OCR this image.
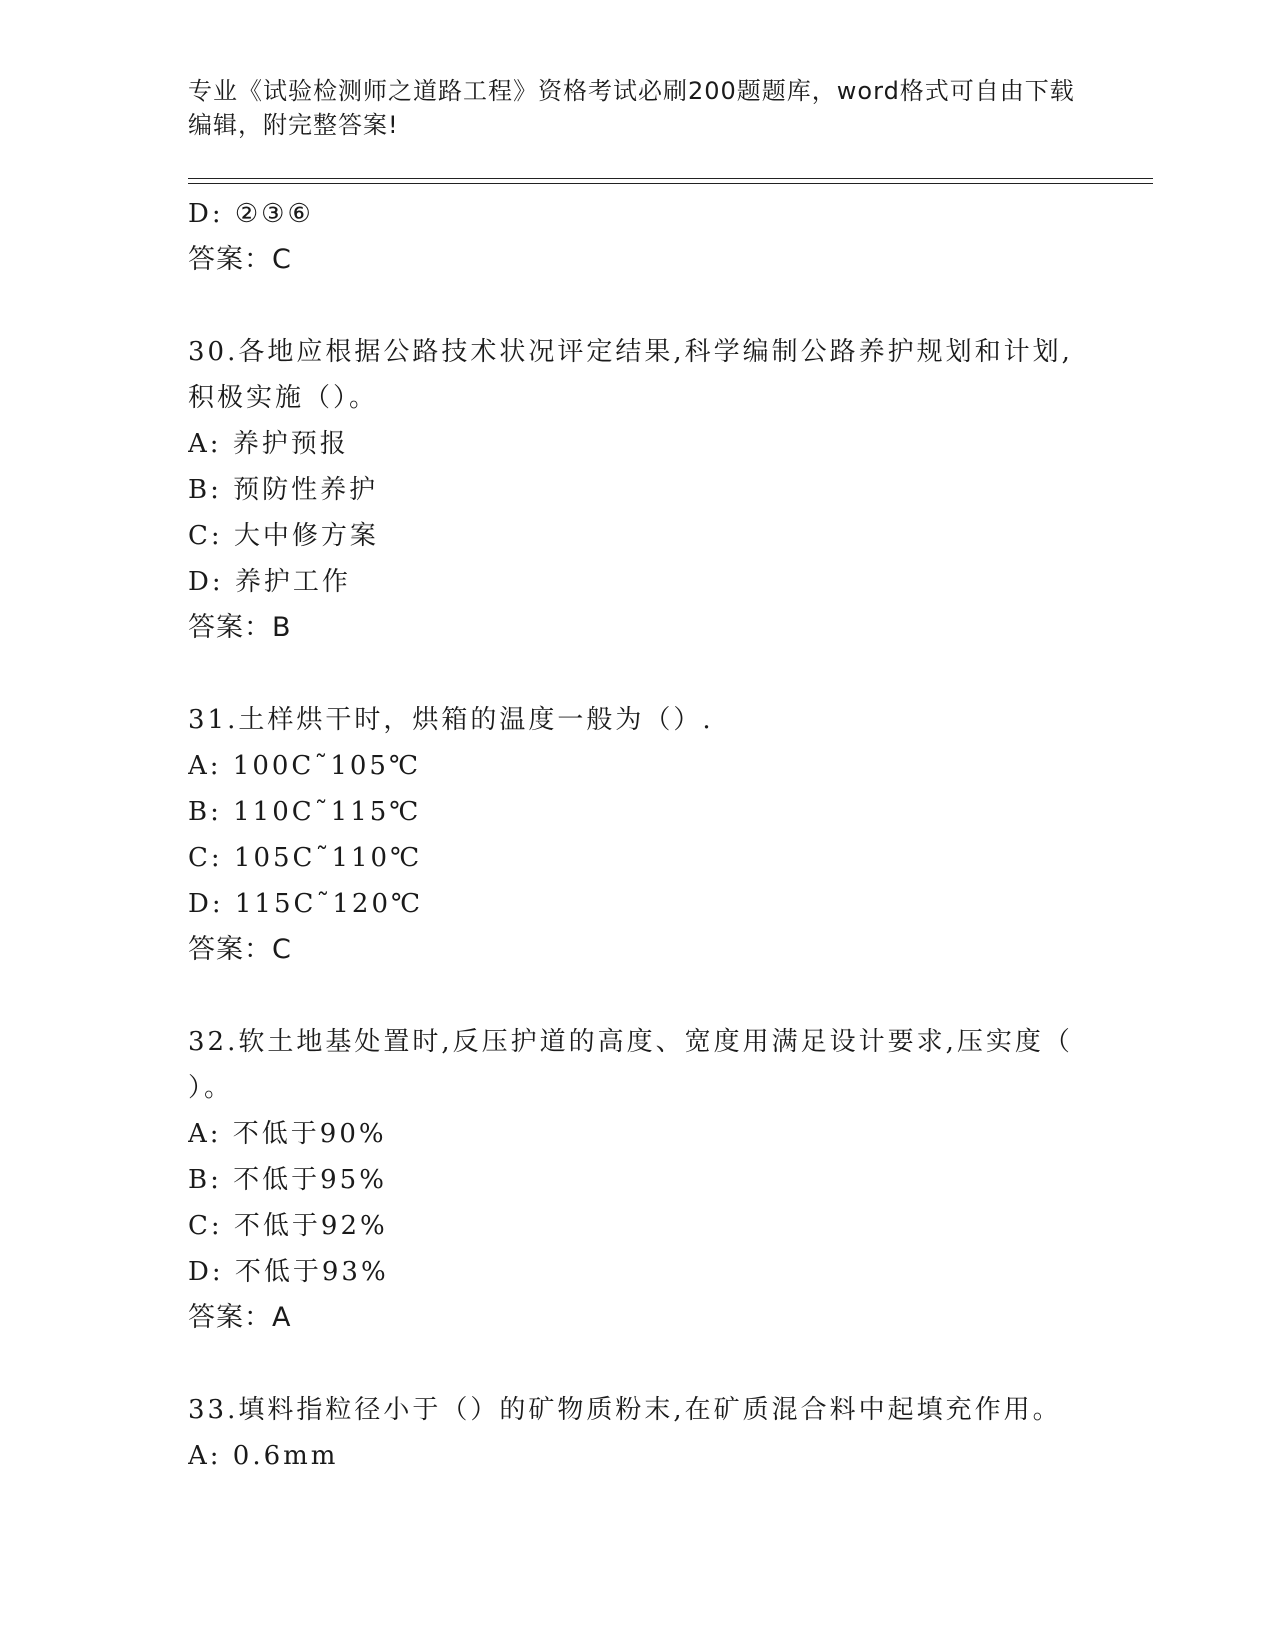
专业《试验检测师之道路工程》资格考试必刷200题题库，word格式可自由下载
编辑，附完整答案!
D: ②③⑥
答案：C
30.各地应根据公路技术状况评定结果,科学编制公路养护规划和计划,
积极实施（）。
A: 养护预报
B: 预防性养护
C: 大中修方案
D: 养护工作
答案：B
31.土样烘干时，烘箱的温度一般为（）.
A: 100C˜105℃
B: 110C˜115℃
C: 105C˜110℃
D: 115C˜120℃
答案：C
32.软土地基处置时,反压护道的高度、宽度用满足设计要求,压实度（
）。
A: 不低于90%
B: 不低于95%
C: 不低于92%
D: 不低于93%
答案：A
33.填料指粒径小于（）的矿物质粉末,在矿质混合料中起填充作用。
A: 0.6mm
